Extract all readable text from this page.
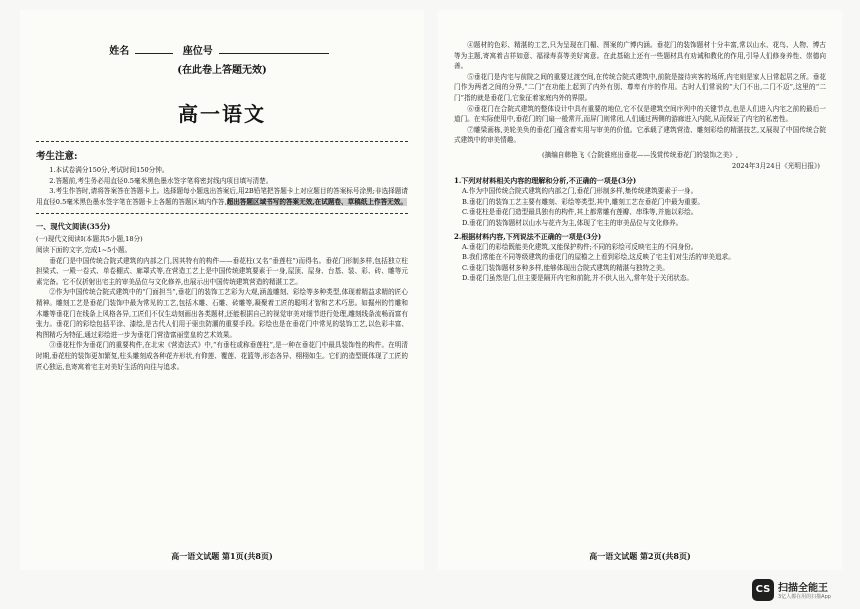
姓名	座位号
(在此卷上答题无效)
高一语文
考生注意:

1.本试卷满分150分,考试时间150分钟。

2.答题前,考生务必用直径0.5毫米黑色墨水签字笔将密封线内项目填写清楚。

3.考生作答时,请将答案答在答题卡上。选择题每小题选出答案后,用2B铅笔把答题卡上对应题目的答案标号涂黑;非选择题请用直径0.5毫米黑色墨水签字笔在答题卡上各题的答题区域内作答,超出答题区域书写的答案无效,在试题卷、草稿纸上作答无效。

一、现代文阅读(35分)

(一)现代文阅读Ⅰ(本题共5小题,18分)

阅读下面的文字,完成1~5小题。

垂花门是中国传统合院式建筑的内部之门,因其特有的构件——垂花柱(又名“垂莲柱”)而得名。垂花门形制多样,包括独立柱担梁式、一殿一卷式、单卷棚式、廊罩式等,在营造工艺上是中国传统建筑要素于一身,屋顶、屋身、台基、装、彩、砖、雕等元素完备。它不仅折射出宅主的审美品位与文化修养,也展示出中国传统建筑营造的精湛工艺。

②作为中国传统合院式建筑中的“门面担当”,垂花门的装饰工艺彩为大观,涵盖雕刻、彩绘等多种类型,体现着精益求精的匠心精神。雕刻工艺是垂花门装饰中最为常见的工艺,包括木雕、石雕、砖雕等,凝聚着工匠的聪明才智和艺术巧思。如掘州的竹雕和木雕等垂花门在线条上风格各异,工匠们不仅生动刻画出各类题材,还能根据自己的视觉审美对细节进行处理,雕刻线条流畅而富有张力。垂花门的彩绘包括平涂、漆绘,是古代人们用于驱虫防潮的重要手段。彩绘也是在垂花门中常见的装饰工艺,以色彩丰富、构图精巧为特征,通过彩绘进一步为垂花门营造富丽堂皇的艺术效果。

③垂花柱作为垂花门的重要构件,在北宋《营造法式》中,“有垂柱或称垂莲柱”,是一种在垂花门中最具装饰性的构件。在明清时期,垂花柱的装饰更加繁复,柱头雕刻成各种花卉形状,有仰莲、覆莲、花篮等,形态各异、栩栩如生。它们的造型既体现了工匠的匠心独运,也寄寓着宅主对美好生活的向往与追求。

高一语文试题 第1页(共8页)

④题材的色彩、精湛的工艺,只为呈现在门楣、图案的广博内涵。垂花门的装饰题材十分丰富,常以山水、花鸟、人物、博古等为主题,寄寓着吉祥如意、福禄寿喜等美好寓意。在此基础上还有一些题材具有劝诫和教化的作用,引导人们修身养性、崇德向善。

⑤垂花门是内宅与前院之间的重要过渡空间,在传统合院式建筑中,前院是接待宾客的场所,内宅则是家人日常起居之所。垂花门作为两者之间的分界,“二门”在功能上起到了内外有别、尊卑有序的作用。古时人们常说的“大门不出,二门不迈”,这里的“二门”指的就是垂花门,它象征着家庭内外的界限。

⑥垂花门在合院式建筑的整体设计中具有重要的地位,它不仅是建筑空间序列中的关键节点,也是人们进入内宅之前的最后一道门。在实际使用中,垂花门的门扇一般常开,而屏门则常闭,人们通过两侧的游廊进入内院,从而保证了内宅的私密性。

⑦雕梁画栋,美轮美奂的垂花门蕴含着实用与审美的价值。它承载了建筑营造、雕刻彩绘的精湛技艺,又展现了中国传统合院式建筑中的审美情趣。

(摘编自韩艳飞《合院谁庭出垂花——浅赏传统垂花门的装饰之美》,

2024年3月24日《光明日报》)

1.下列对材料相关内容的理解和分析,不正确的一项是(3分)

A.作为中国传统合院式建筑的内部之门,垂花门形制多样,集传统建筑要素于一身。

B.垂花门的装饰工艺主要有雕刻、彩绘等类型,其中,雕刻工艺在垂花门中最为重要。

C.垂花柱是垂花门造型最具独有的构件,其上都常雕有莲瓣、串珠等,并施以彩绘。

D.垂花门的装饰题材以山水与花卉为主,体现了宅主的审美品位与文化修养。

2.根据材料内容,下列说法不正确的一项是(3分)

A.垂花门的彩绘既能美化建筑,又能保护构件;不同的彩绘可反映宅主的不同身份。

B.我们常能在不同等级建筑的垂花门的屋檐之上看到彩绘,这反映了宅主们对生活的审美追求。

C.垂花门装饰题材多种多样,能够体现出合院式建筑的精湛与独特之美。

D.垂花门虽然是门,但主要是隔开内宅和前院,并不供人出入,常年处于关闭状态。

高一语文试题 第2页(共8页)
CS 扫描全能王
3亿人都在用的扫描App
